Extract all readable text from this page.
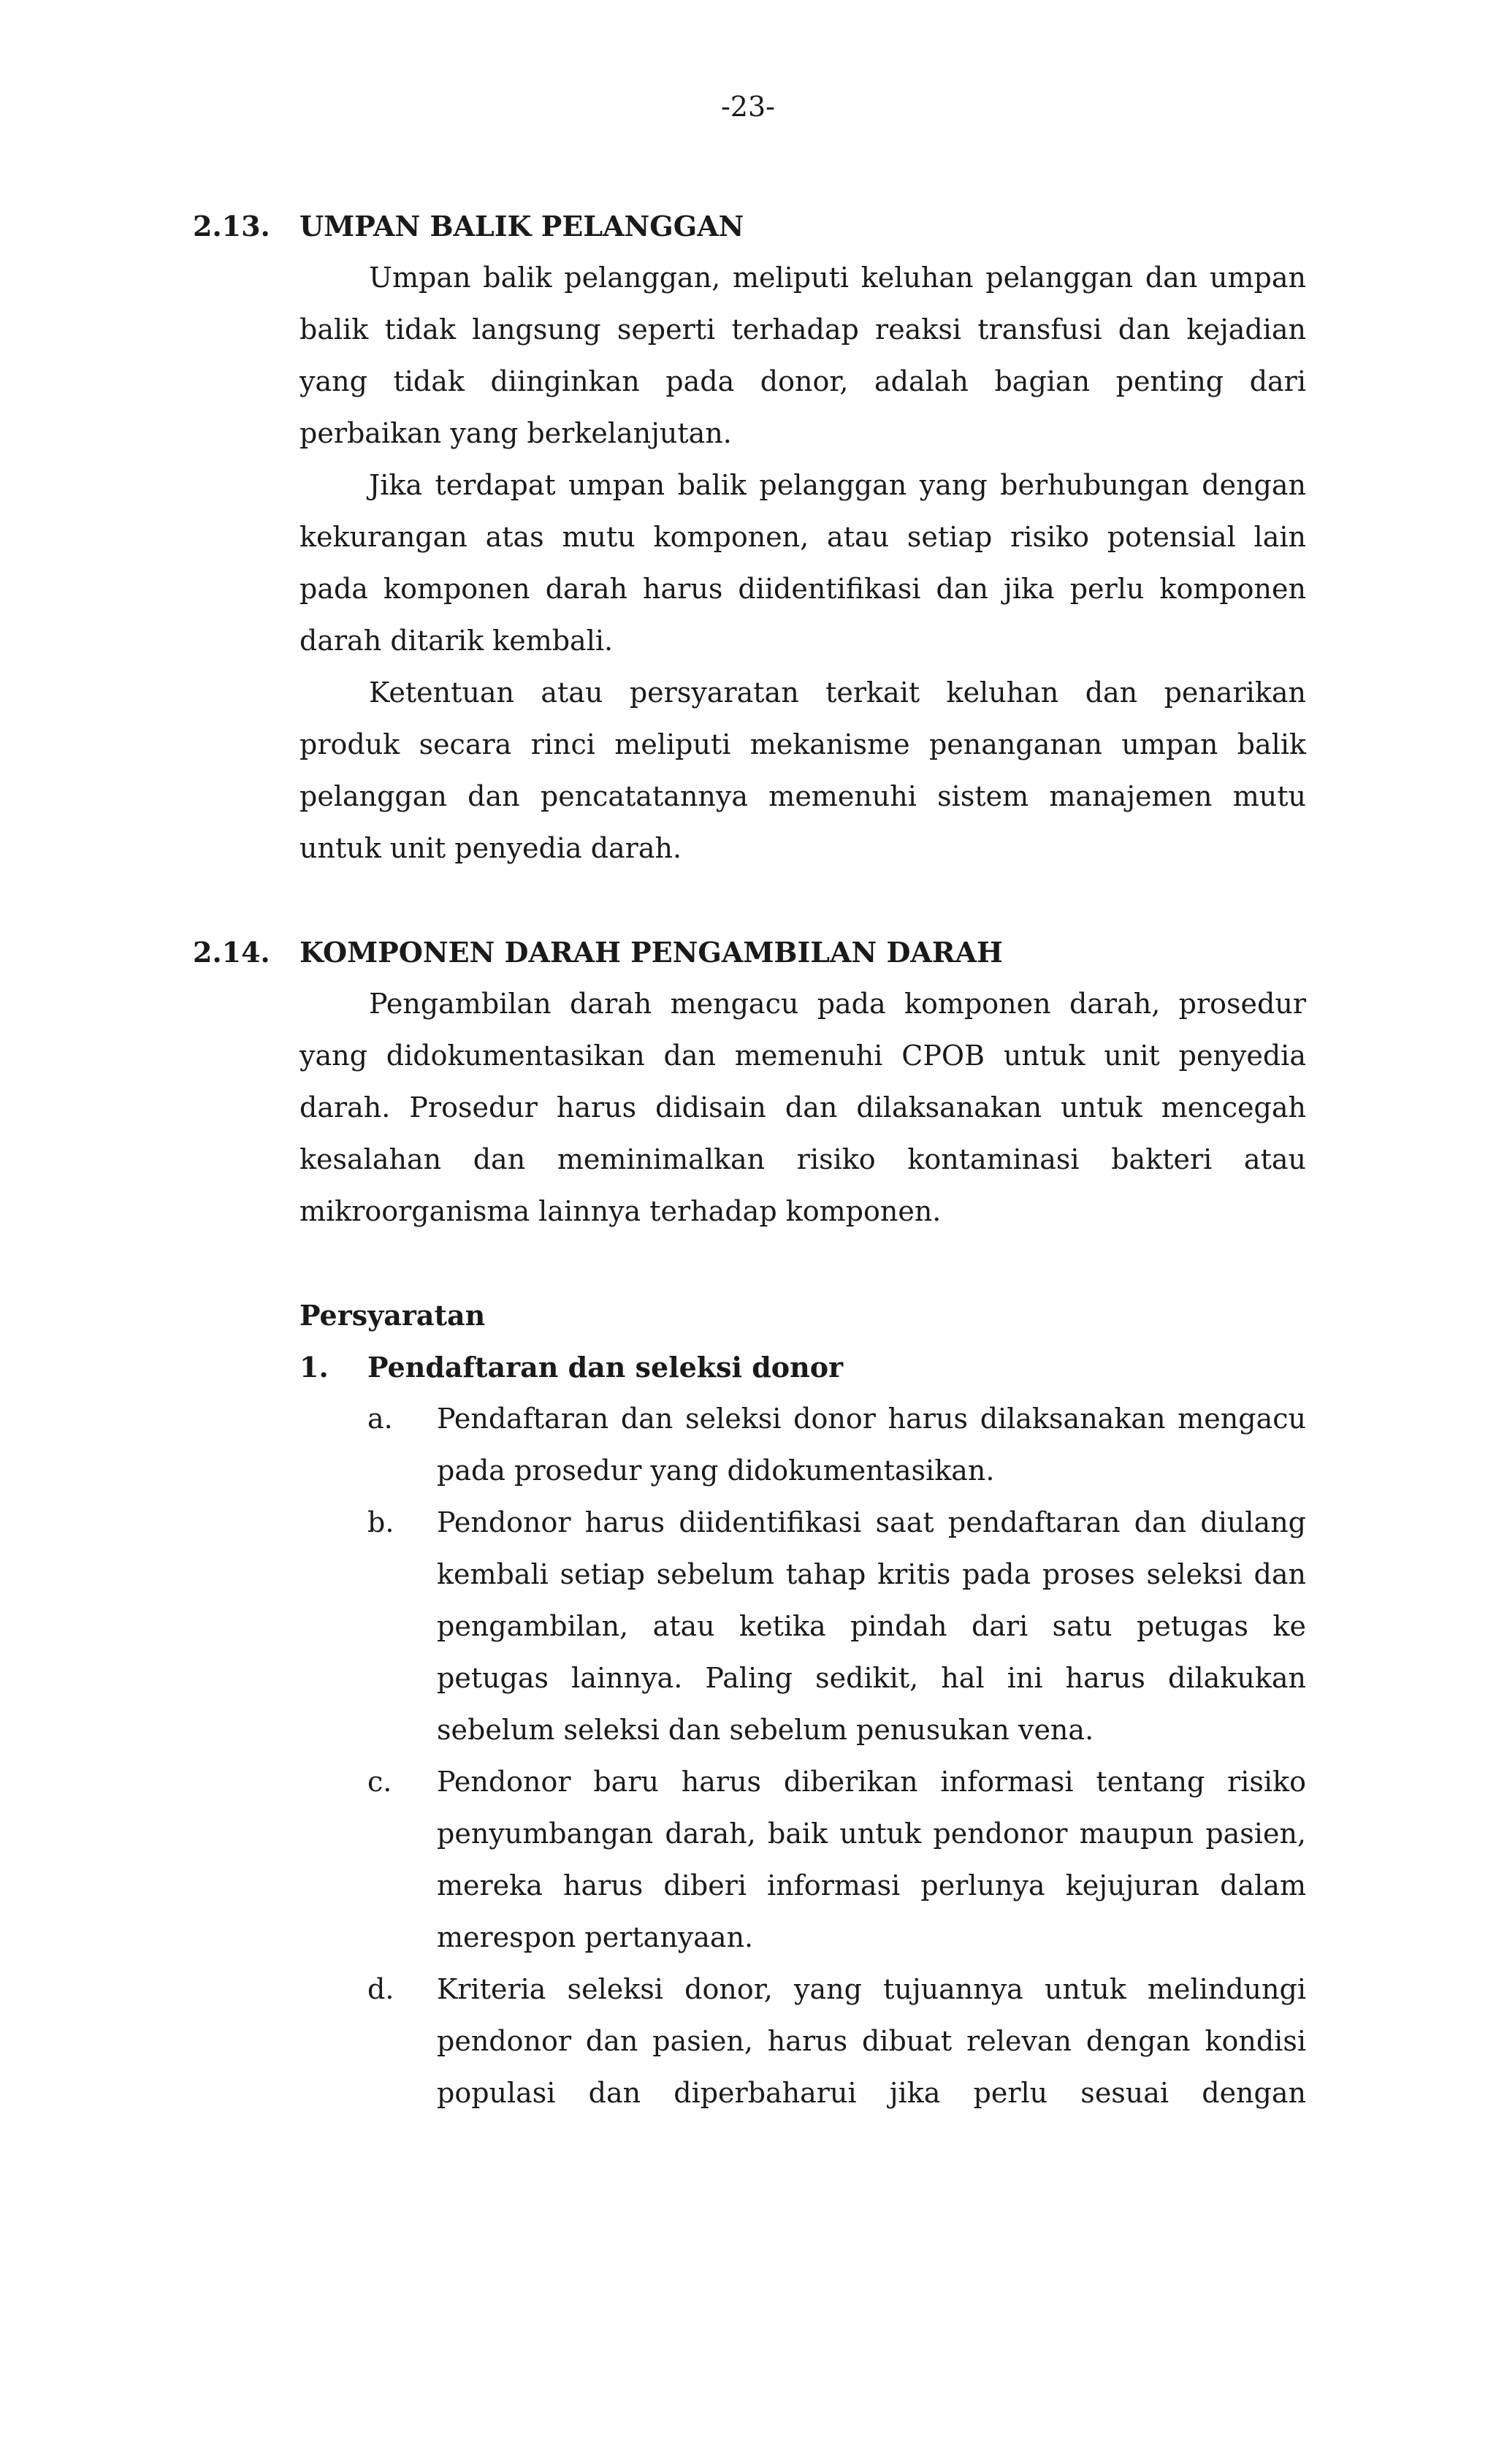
-23-
2.13. UMPAN BALIK PELANGGAN

Umpan balik pelanggan, meliputi keluhan pelanggan dan umpan balik tidak langsung seperti terhadap reaksi transfusi dan kejadian yang tidak diinginkan pada donor, adalah bagian penting dari perbaikan yang berkelanjutan.

Jika terdapat umpan balik pelanggan yang berhubungan dengan kekurangan atas mutu komponen, atau setiap risiko potensial lain pada komponen darah harus diidentifikasi dan jika perlu komponen darah ditarik kembali.

Ketentuan atau persyaratan terkait keluhan dan penarikan produk secara rinci meliputi mekanisme penanganan umpan balik pelanggan dan pencatatannya memenuhi sistem manajemen mutu untuk unit penyedia darah.

2.14. KOMPONEN DARAH PENGAMBILAN DARAH

Pengambilan darah mengacu pada komponen darah, prosedur yang didokumentasikan dan memenuhi CPOB untuk unit penyedia darah. Prosedur harus didisain dan dilaksanakan untuk mencegah kesalahan dan meminimalkan risiko kontaminasi bakteri atau mikroorganisma lainnya terhadap komponen.

Persyaratan
1. Pendaftaran dan seleksi donor
a. Pendaftaran dan seleksi donor harus dilaksanakan mengacu pada prosedur yang didokumentasikan.

b. Pendonor harus diidentifikasi saat pendaftaran dan diulang kembali setiap sebelum tahap kritis pada proses seleksi dan pengambilan, atau ketika pindah dari satu petugas ke petugas lainnya. Paling sedikit, hal ini harus dilakukan sebelum seleksi dan sebelum penusukan vena.

c. Pendonor baru harus diberikan informasi tentang risiko penyumbangan darah, baik untuk pendonor maupun pasien, mereka harus diberi informasi perlunya kejujuran dalam merespon pertanyaan.

d. Kriteria seleksi donor, yang tujuannya untuk melindungi pendonor dan pasien, harus dibuat relevan dengan kondisi populasi dan diperbaharui jika perlu sesuai dengan
